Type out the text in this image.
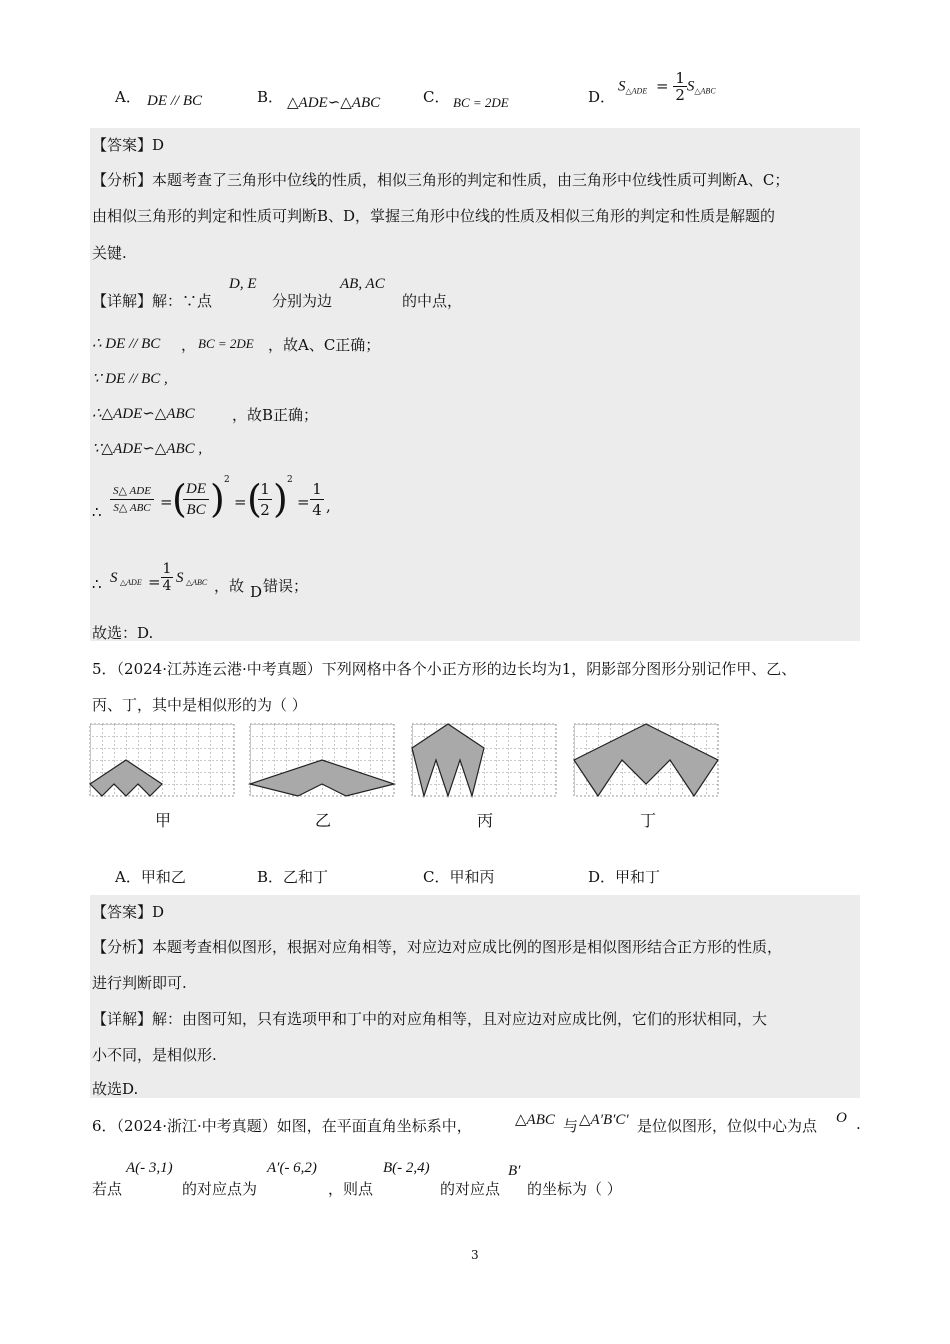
A． DE // BC	B． △ADE∽△ABC	C． BC = 2DE	D．
$S_{\triangle ADE} = \frac{1}{2} S_{\triangle ABC}$
【答案】D
【分析】本题考查了三角形中位线的性质，相似三角形的判定和性质，由三角形中位线性质可判断A、C；
由相似三角形的判定和性质可判断B、D，掌握三角形中位线的性质及相似三角形的判定和性质是解题的
关键.
【详解】解：∵点
D, E
分别为边
AB, AC
的中点，
∴ DE // BC ， BC = 2DE ，故A、C正确；
∵ DE // BC ,
∴△ADE∽△ABC ，故B正确；
∵△ADE∽△ABC ,
∴
S△ ADE
S△ ABC = ( DE
BC ) 2
= (
1
2 ) 2
= $\frac{1}{4}$ ,
∴ S △ADE = $\frac{1}{4}$ S △ABC ，故 D 错误；
故选：D.
5．（2024·江苏连云港·中考真题）下列网格中各个小正方形的边长均为1，阴影部分图形分别记作甲、乙、
丙、丁，其中是相似形的为（ ）
甲	乙	丙	丁
A．甲和乙	B．乙和丁	C．甲和丙	D．甲和丁
【答案】D
【分析】本题考查相似图形，根据对应角相等，对应边对应成比例的图形是相似图形结合正方形的性质，
进行判断即可.
【详解】解：由图可知，只有选项甲和丁中的对应角相等，且对应边对应成比例，它们的形状相同，大
小不同，是相似形.
故选D.
6．（2024·浙江·中考真题）如图，在平面直角坐标系中，	△ABC 与 △A′B′C′ 是位似图形，位似中心为点 O .
若点
A(- 3,1)
的对应点为
A′(- 6,2)
，则点
B(- 2,4)
的对应点
B′
的坐标为（ ）
3
